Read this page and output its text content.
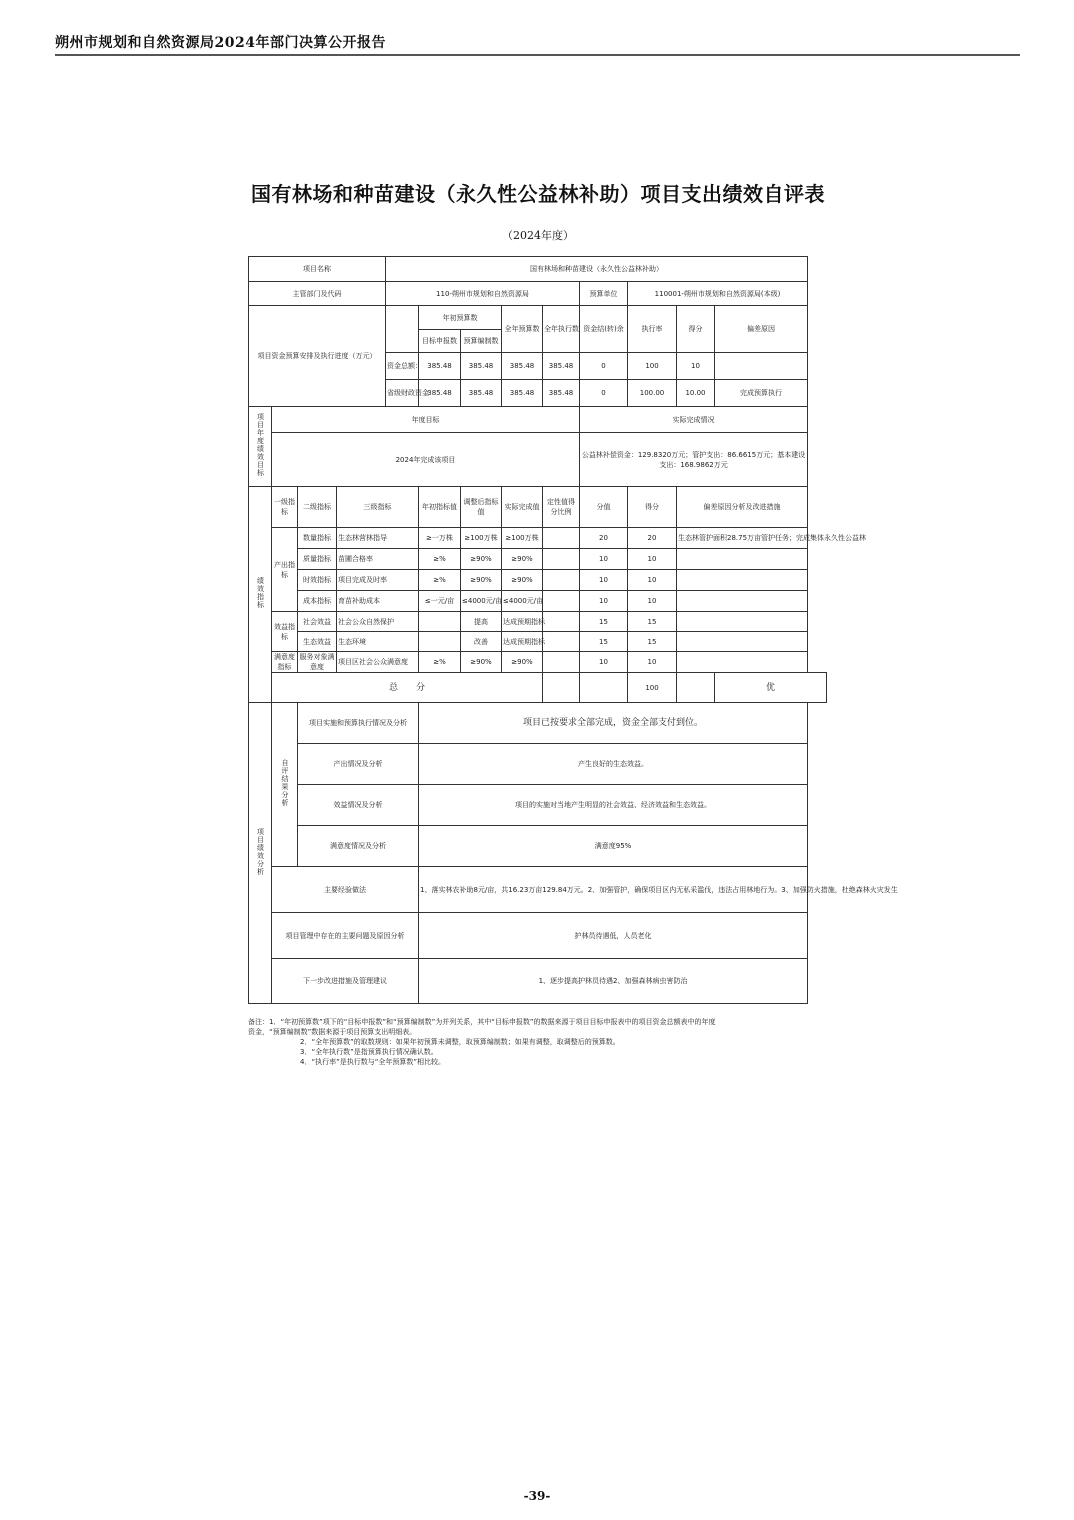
朔州市规划和自然资源局2024年部门决算公开报告
国有林场和种苗建设（永久性公益林补助）项目支出绩效自评表
（2024年度）
项目名称				国有林场和种苗建设（永久性公益林补助）								
主管部门及代码				110-朔州市规划和自然资源局					预算单位	110001-朔州市规划和自然资源局(本级)		
项目资金预算安排及执行进度（万元）					年初预算数		全年预算数	全年执行数	资金结(转)余	执行率	得分	偏差原因
					目标申报数	预算编制数						
				资金总额：	385.48	385.48	385.48	385.48	0	100	10	
				省级财政资金	385.48	385.48	385.48	385.48	0	100.00	10.00	完成预算执行
项目年度绩效目标	年度目标								实际完成情况			
	2024年完成该项目								公益林补偿资金：129.8320万元；管护支出：86.6615万元；基本建设支出：168.9862万元			
绩效指标	一级指标	二级指标	三级指标		年初指标值	调整后指标值	实际完成值	定性值得分比例	分值	得分	偏差原因分析及改进措施	
	产出指标	数量指标	生态林营林指导		≥一万株	≥100万株	≥100万株		20	20	生态林管护面积28.75万亩管护任务；完成集体永久性公益林	
		质量指标	苗圃合格率		≥%	≥90%	≥90%		10	10		
		时效指标	项目完成及时率		≥%	≥90%	≥90%		10	10		
		成本指标	育苗补助成本		≤一元/亩	≤4000元/亩	≤4000元/亩		10	10		
	效益指标	社会效益	社会公众自然保护			提高	达成预期指标		15	15		
		生态效益	生态环境			改善	达成预期指标		15	15		
	满意度指标	服务对象满意度	项目区社会公众满意度		≥%	≥90%	≥90%		10	10		
	总　　分									100		优
项目绩效分析	自评结果分析	项目实施和预算执行情况及分析			项目已按要求全部完成，资金全部支付到位。							
		产出情况及分析			产生良好的生态效益。							
		效益情况及分析			项目的实施对当地产生明显的社会效益、经济效益和生态效益。							
		满意度情况及分析			满意度95%							
	主要经验做法				1、落实林农补助8元/亩，共16.23万亩129.84万元。2、加强管护，确保项目区内无私采滥伐，违法占用林地行为。3、加强防火措施，杜绝森林火灾发生							
	项目管理中存在的主要问题及原因分析				护林员待遇低，人员老化							
	下一步改进措施及管理建议				1、逐步提高护林员待遇2、加强森林病虫害防治							
备注：1．“年初预算数”项下的“目标申报数”和“预算编制数”为并列关系，其中“目标申报数”的数据来源于项目目标申报表中的项目资金总额表中的年度
资金，“预算编制数”数据来源于项目预算支出明细表。
2．“全年预算数”的取数规则：如果年初预算未调整，取预算编制数；如果有调整，取调整后的预算数。
3．“全年执行数”是指预算执行情况确认数。
4．“执行率”是执行数与“全年预算数”相比较。
-39-
